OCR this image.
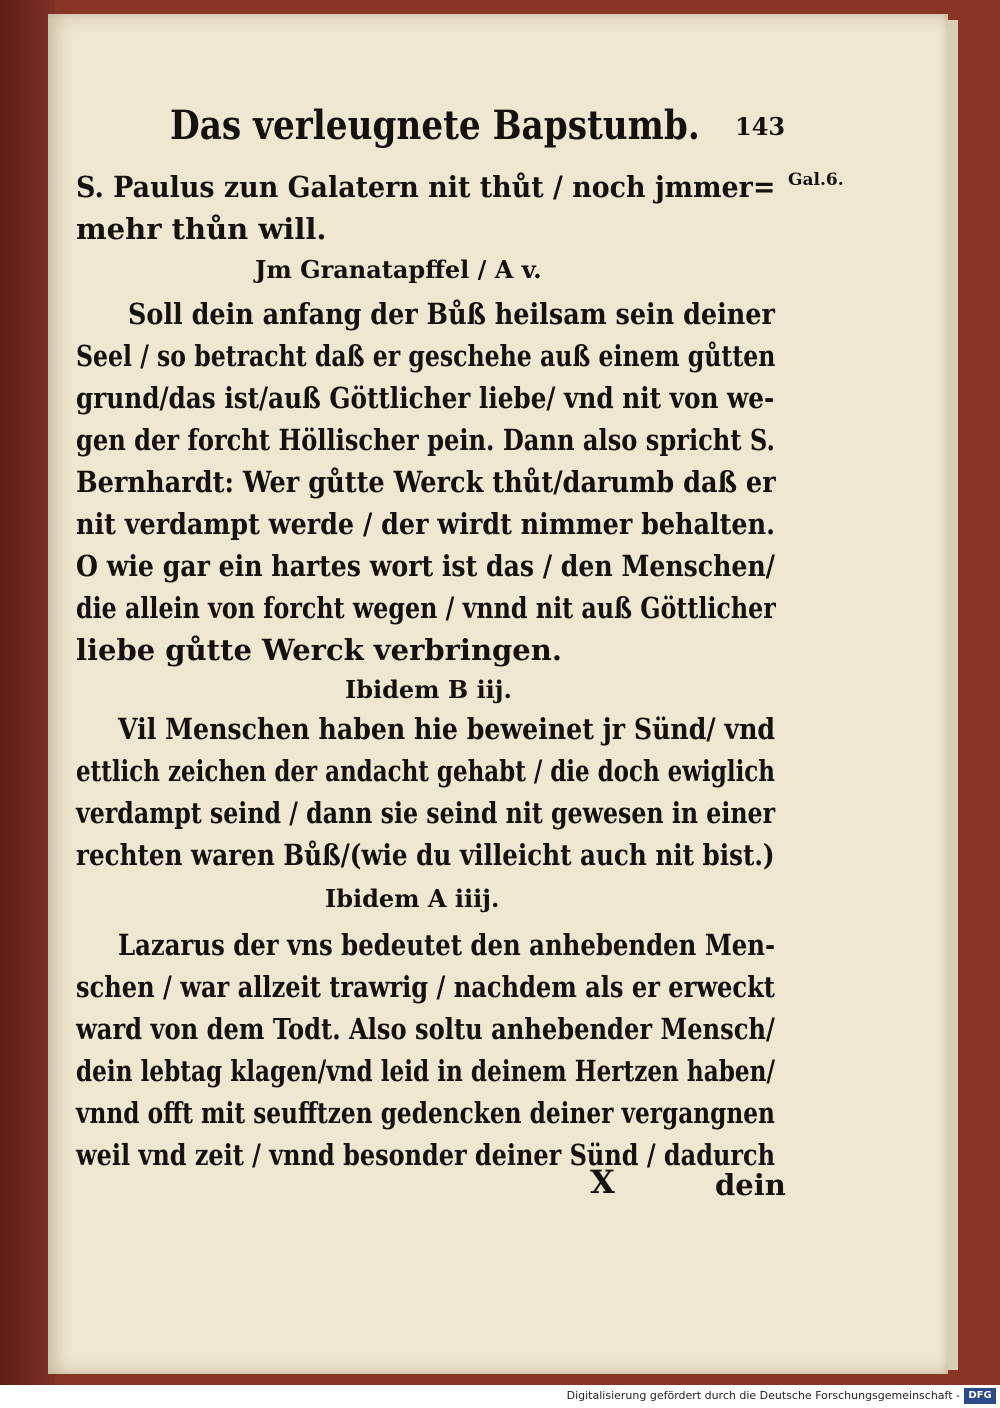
Das verleugnete Bapstumb. 143
Gal.6.
S. Paulus zun Galatern nit thůt / noch jmmer=
mehr thůn will.
Jm Granatapffel / A v.
Soll dein anfang der Bůß heilsam sein deiner
Seel / so betracht daß er geschehe auß einem gůtten
grund/das ist/auß Göttlicher liebe/ vnd nit von we-
gen der forcht Höllischer pein. Dann also spricht S.
Bernhardt: Wer gůtte Werck thůt/darumb daß er
nit verdampt werde / der wirdt nimmer behalten.
O wie gar ein hartes wort ist das / den Menschen/
die allein von forcht wegen / vnnd nit auß Göttlicher
liebe gůtte Werck verbringen.
Ibidem B iij.
Vil Menschen haben hie beweinet jr Sünd/ vnd
ettlich zeichen der andacht gehabt / die doch ewiglich
verdampt seind / dann sie seind nit gewesen in einer
rechten waren Bůß/(wie du villeicht auch nit bist.)
Ibidem A iiij.
Lazarus der vns bedeutet den anhebenden Men-
schen / war allzeit trawrig / nachdem als er erweckt
ward von dem Todt. Also soltu anhebender Mensch/
dein lebtag klagen/vnd leid in deinem Hertzen haben/
vnnd offt mit seufftzen gedencken deiner vergangnen
weil vnd zeit / vnnd besonder deiner Sünd / dadurch
X	dein
Digitalisierung gefördert durch die Deutsche Forschungsgemeinschaft - DFG
